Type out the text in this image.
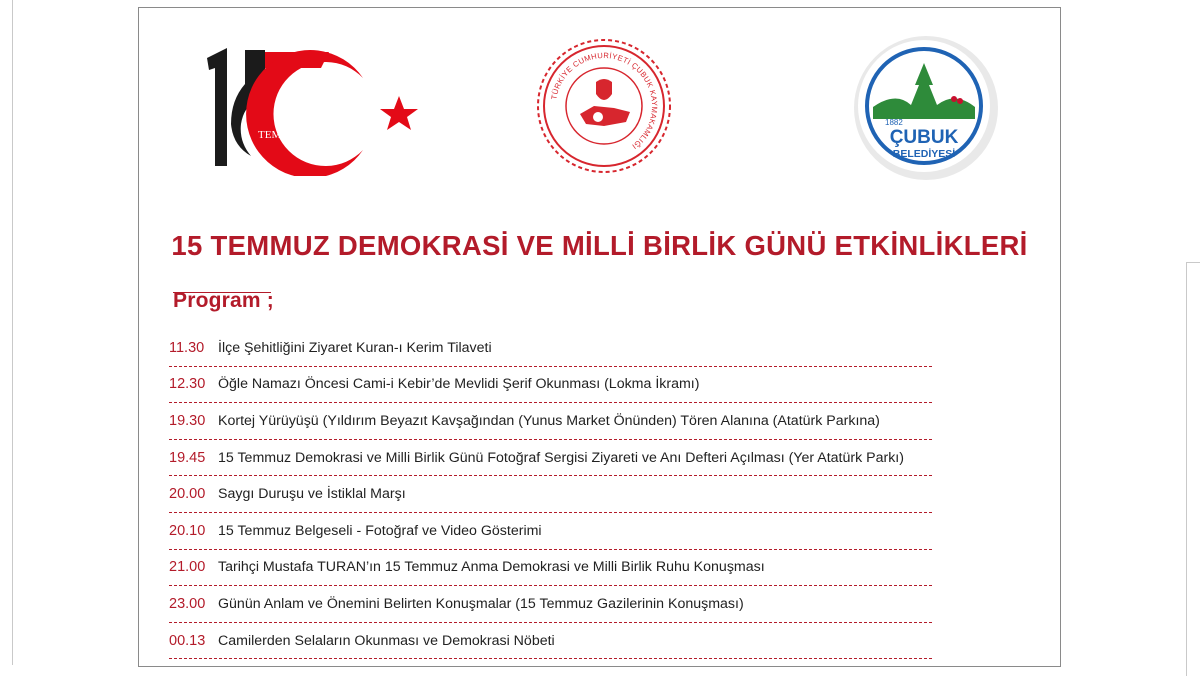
TEMMUZ
TÜRKİYE CUMHURİYETİ ÇUBUK KAYMAKAMLIĞI
1882
ÇUBUK
BELEDİYESİ
15 TEMMUZ DEMOKRASİ VE MİLLİ BİRLİK GÜNÜ ETKİNLİKLERİ
Program ;
11.30 İlçe Şehitliğini Ziyaret Kuran-ı Kerim Tilaveti
12.30 Öğle Namazı Öncesi Cami-i Kebir’de Mevlidi Şerif Okunması (Lokma İkramı)
19.30 Kortej Yürüyüşü (Yıldırım Beyazıt Kavşağından (Yunus Market Önünden) Tören Alanına (Atatürk Parkına)
19.45 15 Temmuz Demokrasi ve Milli Birlik Günü Fotoğraf Sergisi Ziyareti ve Anı Defteri Açılması (Yer Atatürk Parkı)
20.00 Saygı Duruşu ve İstiklal Marşı
20.10 15 Temmuz Belgeseli - Fotoğraf ve Video Gösterimi
21.00 Tarihçi Mustafa TURAN’ın 15 Temmuz Anma Demokrasi ve Milli Birlik Ruhu Konuşması
23.00 Günün Anlam ve Önemini Belirten Konuşmalar (15 Temmuz Gazilerinin Konuşması)
00.13 Camilerden Selaların Okunması ve Demokrasi Nöbeti
